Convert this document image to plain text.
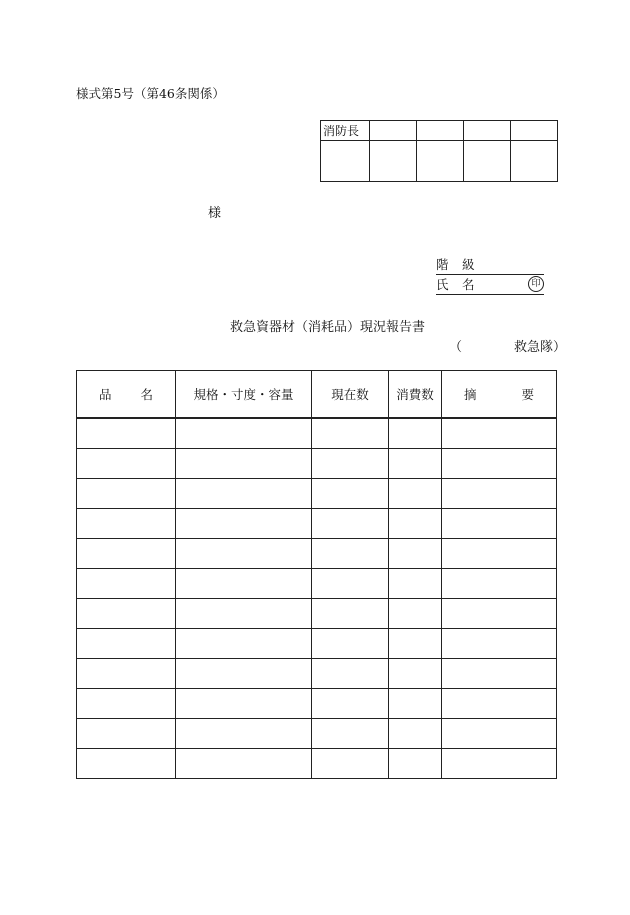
様式第5号（第46条関係）
消防長				

様
階 級
氏 名	印
救急資器材（消耗品）現況報告書
（	救急隊）
品 名	規格・寸度・容量	現在数	消費数	摘 要
